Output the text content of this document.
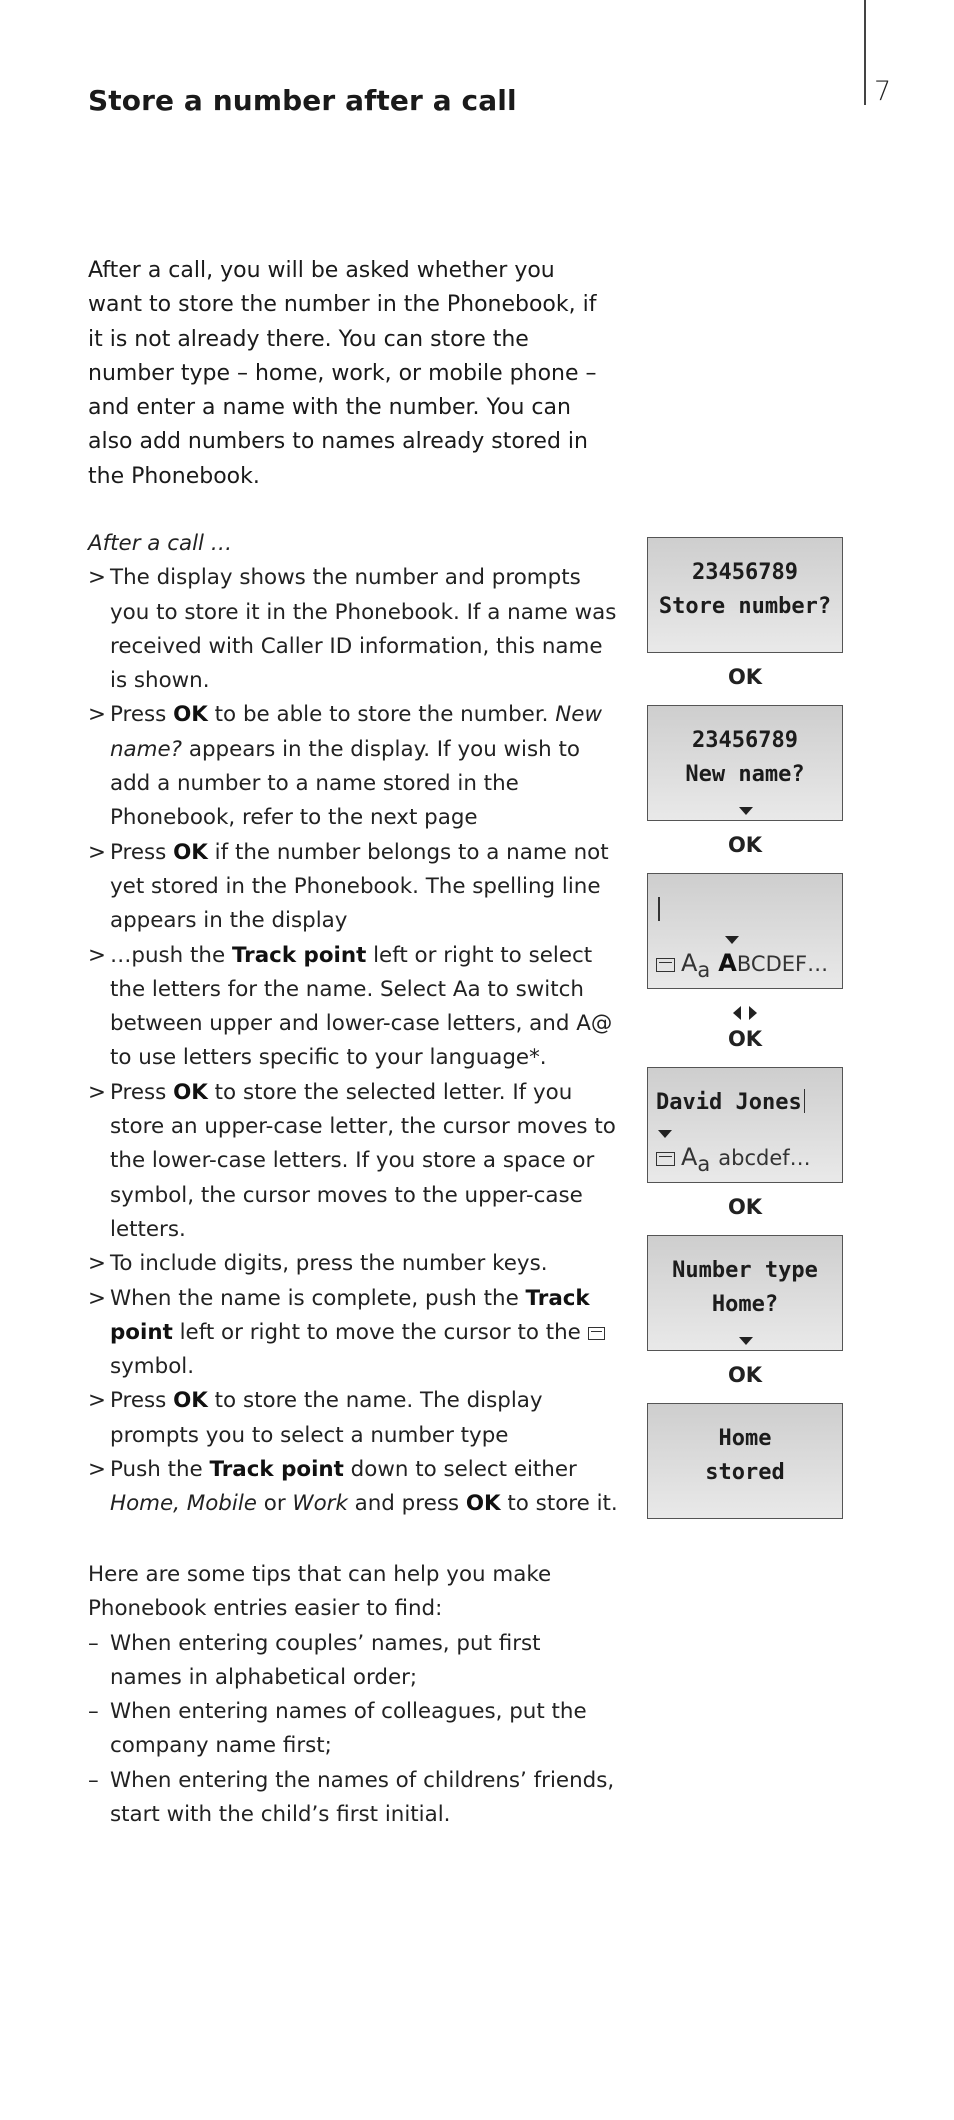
7
Store a number after a call

After a call, you will be asked whether you want to store the number in the Phonebook, if it is not already there. You can store the number type – home, work, or mobile phone – and enter a name with the number. You can also add numbers to names already stored in the Phonebook.

After a call …

> The display shows the number and prompts you to store it in the Phonebook. If a name was received with Caller ID information, this name is shown.
> Press OK to be able to store the number. New name? appears in the display. If you wish to add a number to a name stored in the Phonebook, refer to the next page
> Press OK if the number belongs to a name not yet stored in the Phonebook. The spelling line appears in the display
> …push the Track point left or right to select the letters for the name. Select Aa to switch between upper and lower-case letters, and A@ to use letters specific to your language*.
> Press OK to store the selected letter. If you store an upper-case letter, the cursor moves to the lower-case letters. If you store a space or symbol, the cursor moves to the upper-case letters.
> To include digits, press the number keys.
> When the name is complete, push the Track point left or right to move the cursor to the  symbol.
> Press OK to store the name. The display prompts you to select a number type
> Push the Track point down to select either Home, Mobile or Work and press OK to store it.

Here are some tips that can help you make Phonebook entries easier to find:

– When entering couples’ names, put first names in alphabetical order;
– When entering names of colleagues, put the company name first;
– When entering the names of childrens’ friends, start with the child’s first initial.
23456789
Store number?
OK
23456789
New name?
OK
Aa ABCDEF…
OK
David Jones
Aa abcdef…
OK
Number type
Home?
OK
Home
stored
